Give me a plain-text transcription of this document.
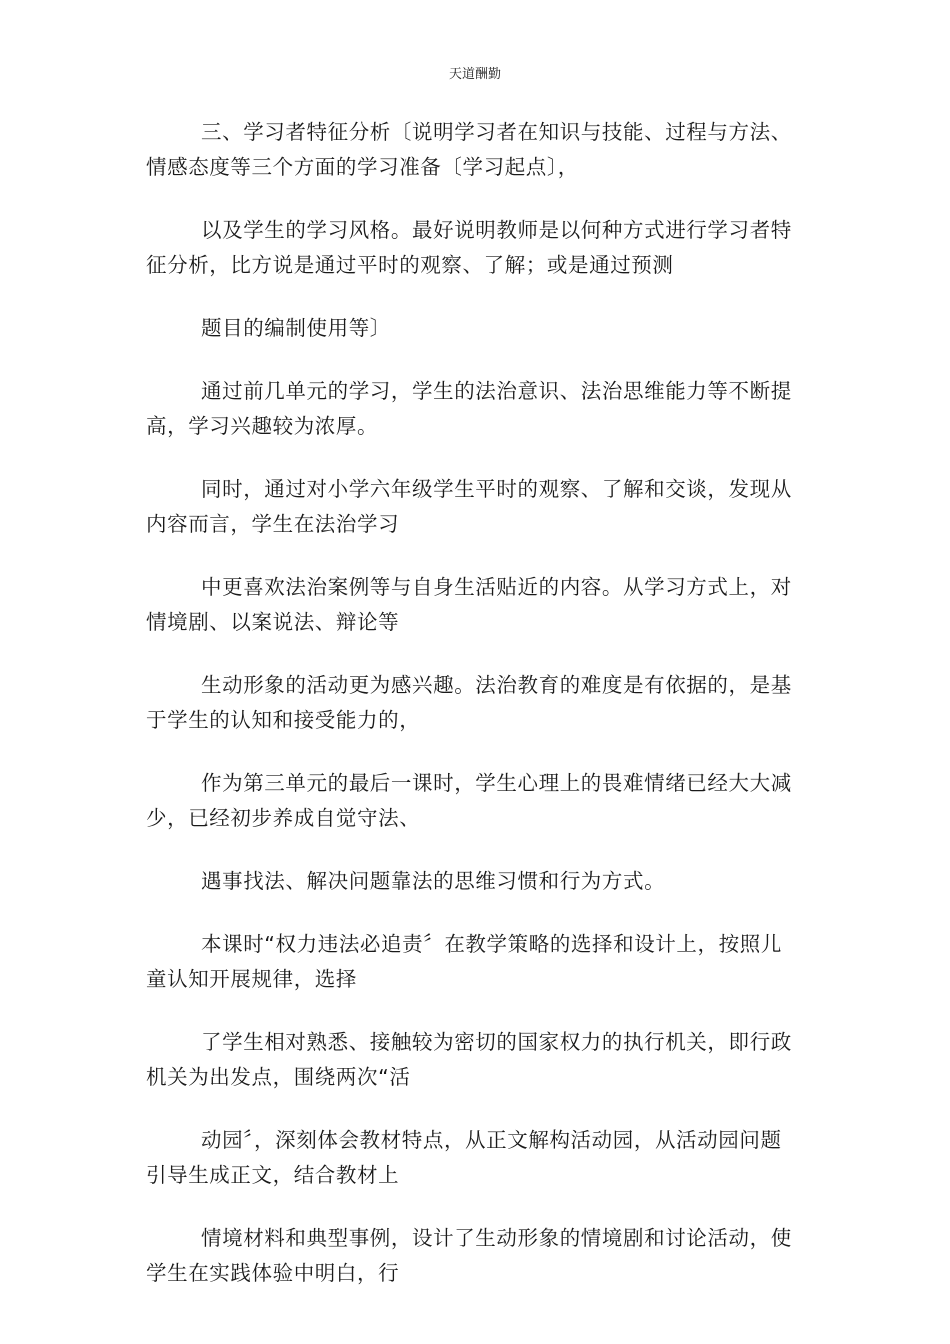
天道酬勤

三、学习者特征分析〔说明学习者在知识与技能、过程与方法、
情感态度等三个方面的学习准备〔学习起点〕，

以及学生的学习风格。最好说明教师是以何种方式进行学习者特
征分析，比方说是通过平时的观察、了解；或是通过预测

题目的编制使用等〕

通过前几单元的学习，学生的法治意识、法治思维能力等不断提
高，学习兴趣较为浓厚。

同时，通过对小学六年级学生平时的观察、了解和交谈，发现从
内容而言，学生在法治学习

中更喜欢法治案例等与自身生活贴近的内容。从学习方式上，对
情境剧、以案说法、辩论等

生动形象的活动更为感兴趣。法治教育的难度是有依据的，是基
于学生的认知和接受能力的，

作为第三单元的最后一课时，学生心理上的畏难情绪已经大大减
少，已经初步养成自觉守法、

遇事找法、解决问题靠法的思维习惯和行为方式。

本课时“权力违法必追责〞在教学策略的选择和设计上，按照儿
童认知开展规律，选择

了学生相对熟悉、接触较为密切的国家权力的执行机关，即行政
机关为出发点，围绕两次“活

动园〞，深刻体会教材特点，从正文解构活动园，从活动园问题
引导生成正文，结合教材上

情境材料和典型事例，设计了生动形象的情境剧和讨论活动，使
学生在实践体验中明白，行
